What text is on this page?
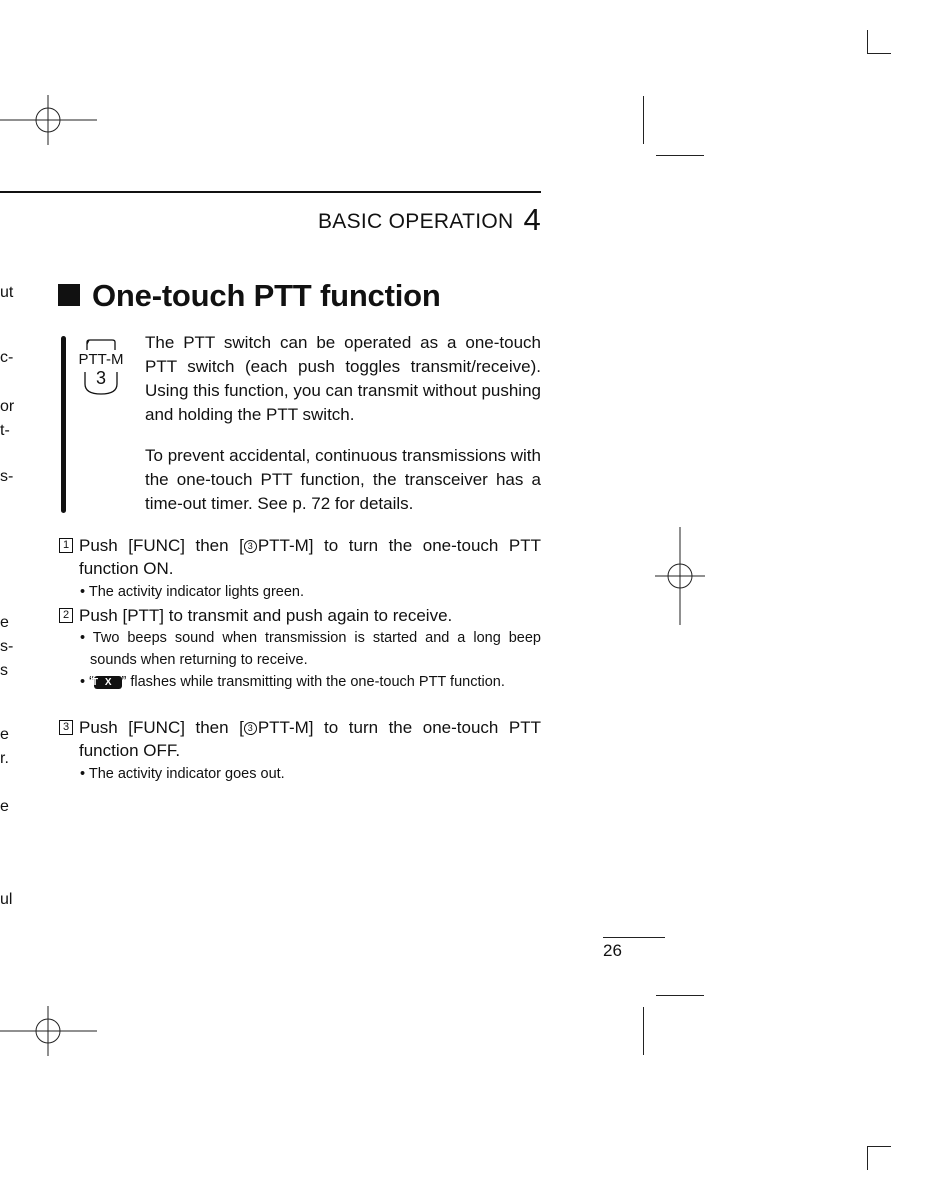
ut
c-
or
t-
s-
e
s-
s
e
r.
e
ul
BASIC OPERATION 4
One-touch PTT function
PTT-M
3

The PTT switch can be operated as a one-touch PTT switch (each push toggles transmit/receive). Using this function, you can transmit without pushing and holding the PTT switch.

To prevent accidental, continuous transmissions with the one-touch PTT function, the transceiver has a time-out timer. See p. 72 for details.

1 Push [FUNC] then [ 3 PTT-M] to turn the one-touch PTT function ON.
• The activity indicator lights green.
2 Push [PTT] to transmit and push again to receive.
• Two beeps sound when transmission is started and a long beep sounds when returning to receive.
• “T X ” flashes while transmitting with the one-touch PTT function.
3 Push [FUNC] then [ 3 PTT-M] to turn the one-touch PTT function OFF.
• The activity indicator goes out.
26
